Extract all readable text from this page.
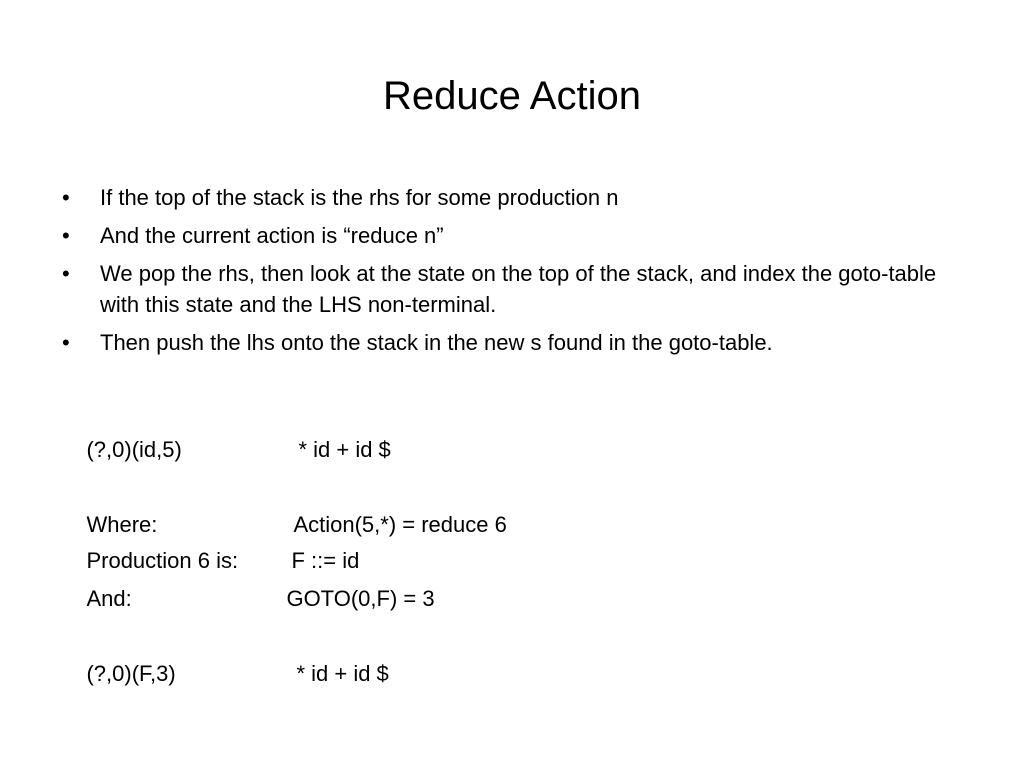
Reduce Action
•	If the top of the stack is the rhs for some production n
•	And the current action is “reduce n”
•	We pop the rhs, then look at the state on the top of the stack, and index the goto-table with this state and the LHS non-terminal.
•	Then push the lhs onto the stack in the new s found in the goto-table.

(?,0)(id,5)	* id + id $

Where:	Action(5,*) = reduce 6

Production 6 is: F ::= id

And:	GOTO(0,F) = 3

(?,0)(F,3)	* id + id $
